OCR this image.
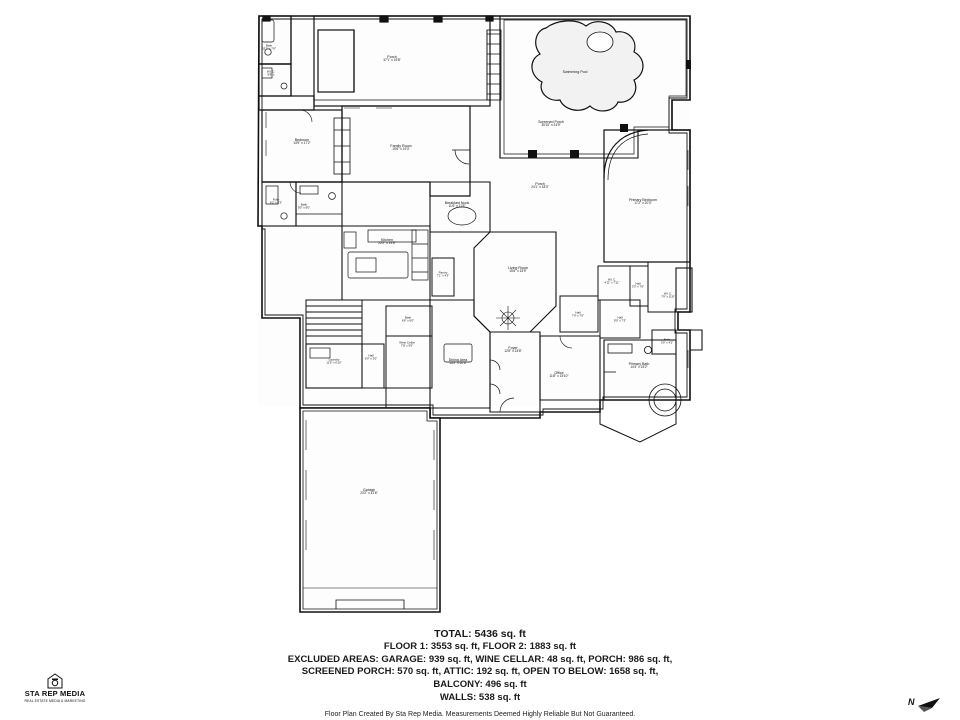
Bath
15'1" x 7'6"
W.I.C.
6'8" x
Porch
37'1" x 15'8"
Swimming Pool
Screened Porch
35'10" x 24'9"
Bedroom
14'9" x 17'2"
Family Room
19'6" x 19'3"
Porch
24'1" x 18'3"
Primary Bedroom
17'2" x 20'3"
Folio
6'2" x 8'2"	Bath
9'0" x 8'0"
Breakfast Nook
11'6" x 11'5"
Kitchen
22'0" x 19'8"
Pantry
7'1" x 4'3"
Living Room
15'6" x 15'9"
W.I.C.
4'11" x 7'11"	Hall
3'3" x 7'0"
W.I.C.
7'9" x 11'8"
Hall
7'9" x 7'0"	Hall
9'0" x 7'3"
Bath
6'6" x 6'0"
Wine Cellar
7'8" x 9'0"
Hall
6'0" x 3'0"
Laundry
11'6" x 6'10"
Dining Area
13'2" x 20'6"
Foyer
12'6" x 24'8"
Office
11'8" x 15'10"
Primary Bath
14'4" x 15'2"
Bath
3'0" x 4'2"
Garage
23'2" x 41'6"
TOTAL: 5436 sq. ft
FLOOR 1: 3553 sq. ft, FLOOR 2: 1883 sq. ft
EXCLUDED AREAS: GARAGE: 939 sq. ft, WINE CELLAR: 48 sq. ft, PORCH: 986 sq. ft,
SCREENED PORCH: 570 sq. ft, ATTIC: 192 sq. ft, OPEN TO BELOW: 1658 sq. ft,
BALCONY: 496 sq. ft
WALLS: 538 sq. ft
Floor Plan Created By Sta Rep Media. Measurements Deemed Highly Reliable But Not Guaranteed.
STA REP MEDIA
REAL ESTATE MEDIA & MARKETING	N
